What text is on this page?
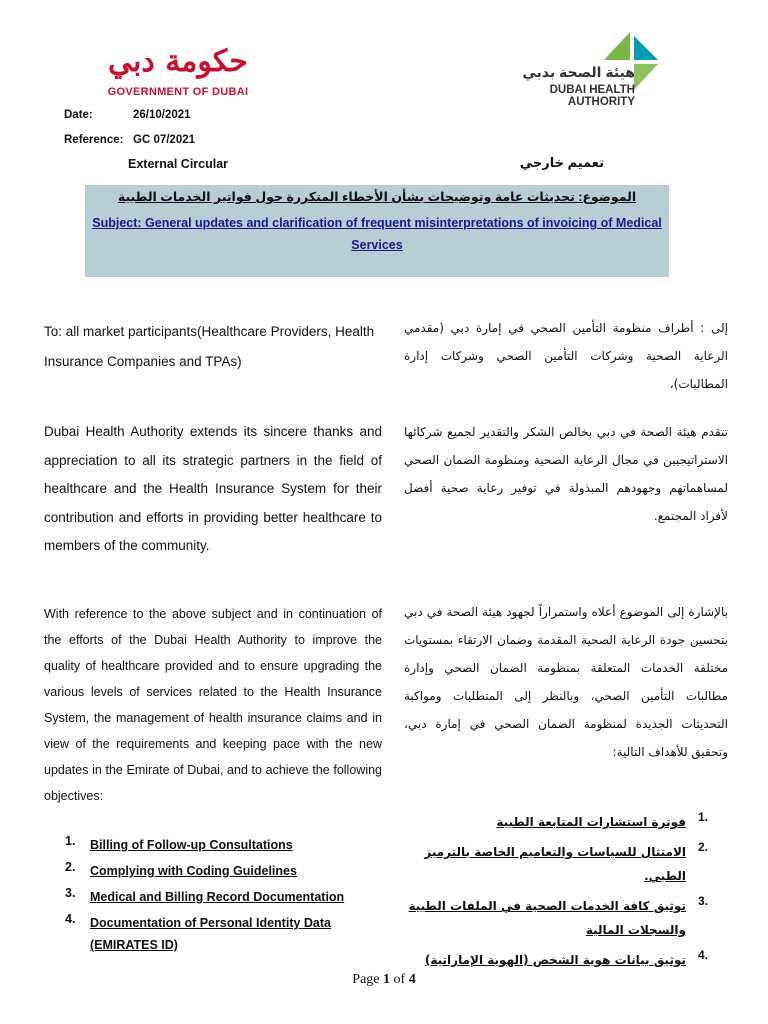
حكومة دبي
GOVERNMENT OF DUBAI
هيئة الصحة بدبي
DUBAI HEALTH AUTHORITY
Date:	26/10/2021
Reference: GC 07/2021
External Circular	تعميم خارجي
الموضوع: تحديثات عامة وتوضيحات بشأن الأخطاء المتكررة حول فواتير الخدمات الطبية
Subject: General updates and clarification of frequent misinterpretations of invoicing of Medical Services
To: all market participants(Healthcare Providers, Health Insurance Companies and TPAs)
إلى : أطراف منظومة التأمين الصحي في إمارة دبي (مقدمي الرعاية الصحية وشركات التأمين الصحي وشركات إدارة المطالبات)،
Dubai Health Authority extends its sincere thanks and appreciation to all its strategic partners in the field of healthcare and the Health Insurance System for their contribution and efforts in providing better healthcare to members of the community.
تتقدم هيئة الصحة في دبي بخالص الشكر والتقدير لجميع شركائها الاستراتيجيين في مجال الرعاية الصحية ومنظومة الضمان الصحي لمساهماتهم وجهودهم المبذولة في توفير رعاية صحية أفضل لأفراد المجتمع.
With reference to the above subject and in continuation of the efforts of the Dubai Health Authority to improve the quality of healthcare provided and to ensure upgrading the various levels of services related to the Health Insurance System, the management of health insurance claims and in view of the requirements and keeping pace with the new updates in the Emirate of Dubai, and to achieve the following objectives:
بالإشارة إلى الموضوع أعلاه واستمراراً لجهود هيئة الصحة في دبي بتحسين جودة الرعاية الصحية المقدمة وضمان الارتقاء بمستويات مختلفة الخدمات المتعلقة بمنظومة الضمان الصحي وإدارة مطالبات التأمين الصحي، وبالنظر إلى المتطلبات ومواكبة التحديثات الجديدة لمنظومة الضمان الصحي في إمارة دبي، وتحقيق للأهداف التالية:
1.	Billing of Follow-up Consultations
2.	Complying with Coding Guidelines
3.	Medical and Billing Record Documentation
4.	Documentation of Personal Identity Data (EMIRATES ID)
.1
فوترة استشارات المتابعة الطبية
.2
الامتثال للسياسات والتعاميم الخاصة بالترميز الطبي.
.3
توثيق كافة الخدمات الصحية في الملفات الطبية والسجلات المالية
.4
توثيق بيانات هوية الشخص (الهوية الإماراتية)
Page 1 of 4
